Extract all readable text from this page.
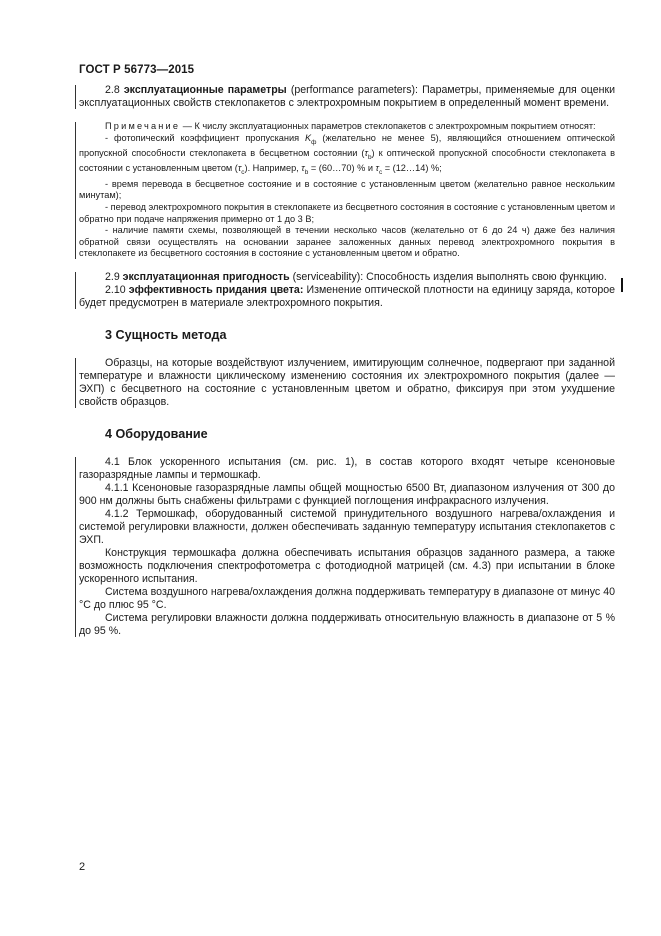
ГОСТ Р 56773—2015

2.8 эксплуатационные параметры (performance parameters): Параметры, применяемые для оценки эксплуатационных свойств стеклопакетов с электрохромным покрытием в определенный момент времени.

Примечание — К числу эксплуатационных параметров стеклопакетов с электрохромным покрытием относят:

- фотопический коэффициент пропускания $K_ф$ (желательно не менее 5), являющийся отношением оптической пропускной способности стеклопакета в бесцветном состоянии $(\tau_b)$ к оптической пропускной способности стеклопакета в состоянии с установленным цветом $(\tau_c)$. Например, $\tau_b$ = (60…70) % и $\tau_c$ = (12…14) %;

- время перевода в бесцветное состояние и в состояние с установленным цветом (желательно равное нескольким минутам);

- перевод электрохромного покрытия в стеклопакете из бесцветного состояния в состояние с установленным цветом и обратно при подаче напряжения примерно от 1 до 3 В;

- наличие памяти схемы, позволяющей в течении несколько часов (желательно от 6 до 24 ч) даже без наличия обратной связи осуществлять на основании заранее заложенных данных перевод электрохромного покрытия в стеклопакете из бесцветного состояния в состояние с установленным цветом и обратно.

2.9 эксплуатационная пригодность (serviceability): Способность изделия выполнять свою функцию.

2.10 эффективность придания цвета: Изменение оптической плотности на единицу заряда, которое будет предусмотрен в материале электрохромного покрытия.

3 Сущность метода

Образцы, на которые воздействуют излучением, имитирующим солнечное, подвергают при заданной температуре и влажности циклическому изменению состояния их электрохромного покрытия (далее — ЭХП) с бесцветного на состояние с установленным цветом и обратно, фиксируя при этом ухудшение свойств образцов.

4 Оборудование

4.1 Блок ускоренного испытания (см. рис. 1), в состав которого входят четыре ксеноновые газоразрядные лампы и термошкаф.

4.1.1 Ксеноновые газоразрядные лампы общей мощностью 6500 Вт, диапазоном излучения от 300 до 900 нм должны быть снабжены фильтрами с функцией поглощения инфракрасного излучения.

4.1.2 Термошкаф, оборудованный системой принудительного воздушного нагрева/охлаждения и системой регулировки влажности, должен обеспечивать заданную температуру испытания стеклопакетов с ЭХП.

Конструкция термошкафа должна обеспечивать испытания образцов заданного размера, а также возможность подключения спектрофотометра с фотодиодной матрицей (см. 4.3) при испытании в блоке ускоренного испытания.

Система воздушного нагрева/охлаждения должна поддерживать температуру в диапазоне от минус 40 °С до плюс 95 °С.

Система регулировки влажности должна поддерживать относительную влажность в диапазоне от 5 % до 95 %.

2
